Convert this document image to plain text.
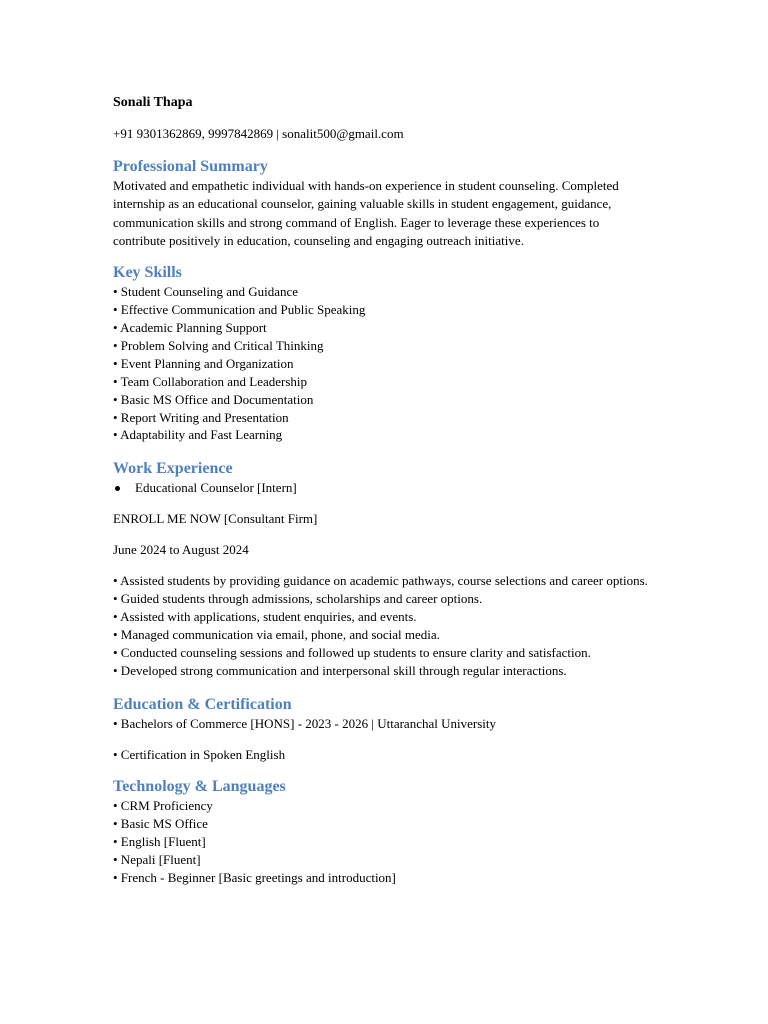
Sonali Thapa
+91 9301362869, 9997842869 | sonalit500@gmail.com
Professional Summary
Motivated and empathetic individual with hands-on experience in student counseling. Completed internship as an educational counselor, gaining valuable skills in student engagement, guidance, communication skills and strong command of English. Eager to leverage these experiences to contribute positively in education, counseling and engaging outreach initiative.
Key Skills
• Student Counseling and Guidance
• Effective Communication and Public Speaking
• Academic Planning Support
• Problem Solving and Critical Thinking
• Event Planning and Organization
• Team Collaboration and Leadership
• Basic MS Office and Documentation
• Report Writing and Presentation
• Adaptability and Fast Learning
Work Experience
Educational Counselor [Intern]
ENROLL ME NOW [Consultant Firm]
June 2024 to August 2024
• Assisted students by providing guidance on academic pathways, course selections and career options.
• Guided students through admissions, scholarships and career options.
• Assisted with applications, student enquiries, and events.
• Managed communication via email, phone, and social media.
• Conducted counseling sessions and followed up students to ensure clarity and satisfaction.
• Developed strong communication and interpersonal skill through regular interactions.
Education & Certification
• Bachelors of Commerce [HONS] - 2023 - 2026 | Uttaranchal University
• Certification in Spoken English
Technology & Languages
• CRM Proficiency
• Basic MS Office
• English [Fluent]
• Nepali [Fluent]
• French - Beginner [Basic greetings and introduction]
